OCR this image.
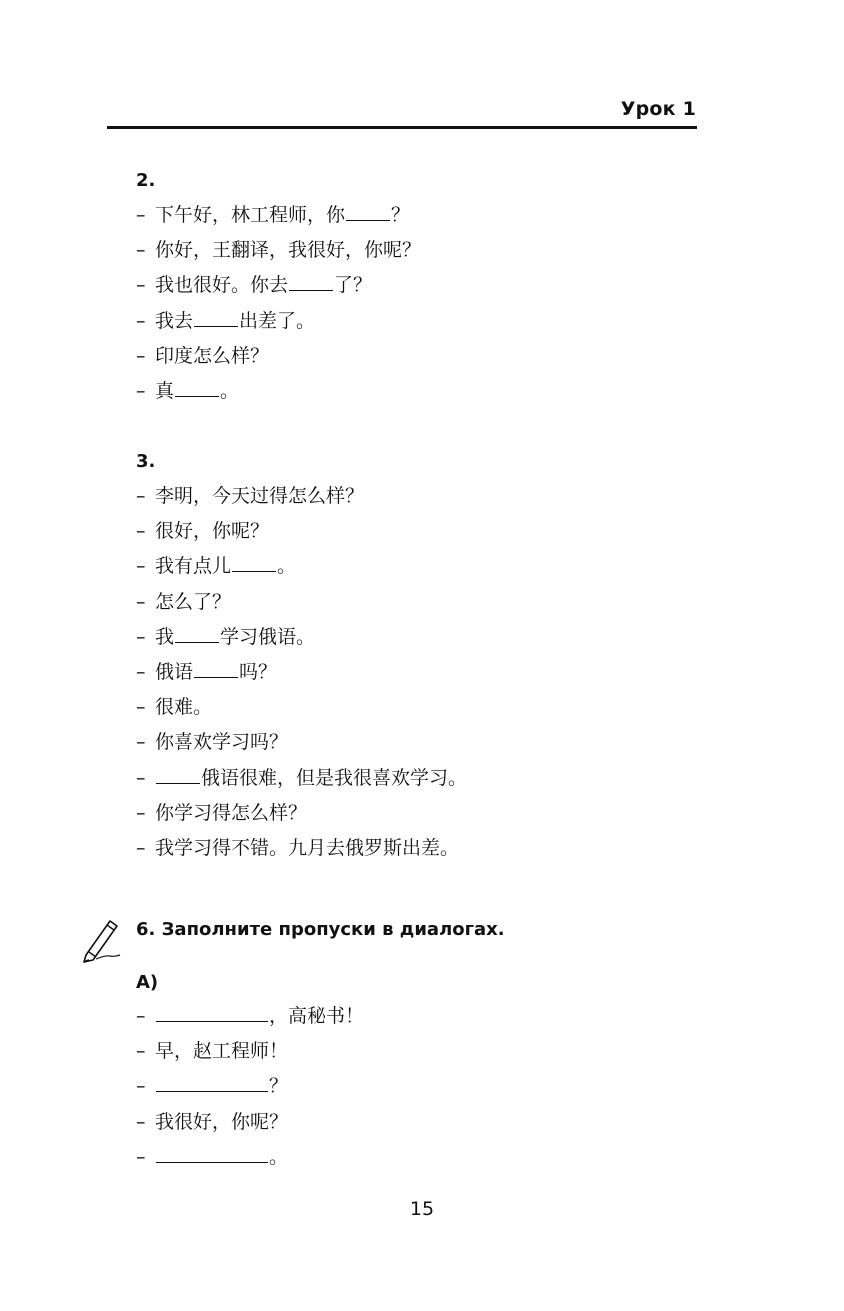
Урок 1
2.
– 下午好，林工程师，你 ？
– 你好，王翻译，我很好，你呢？
– 我也很好。你去 了？
– 我去 出差了。
– 印度怎么样？
– 真 。
3.
– 李明，今天过得怎么样？
– 很好，你呢？
– 我有点儿 。
– 怎么了？
– 我 学习俄语。
– 俄语 吗？
– 很难。
– 你喜欢学习吗？
–	俄语很难，但是我很喜欢学习。
– 你学习得怎么样？
– 我学习得不错。九月去俄罗斯出差。
6. Заполните пропуски в диалогах.
А)
–	，高秘书！
– 早，赵工程师！
–	？
– 我很好，你呢？
–	。
15
